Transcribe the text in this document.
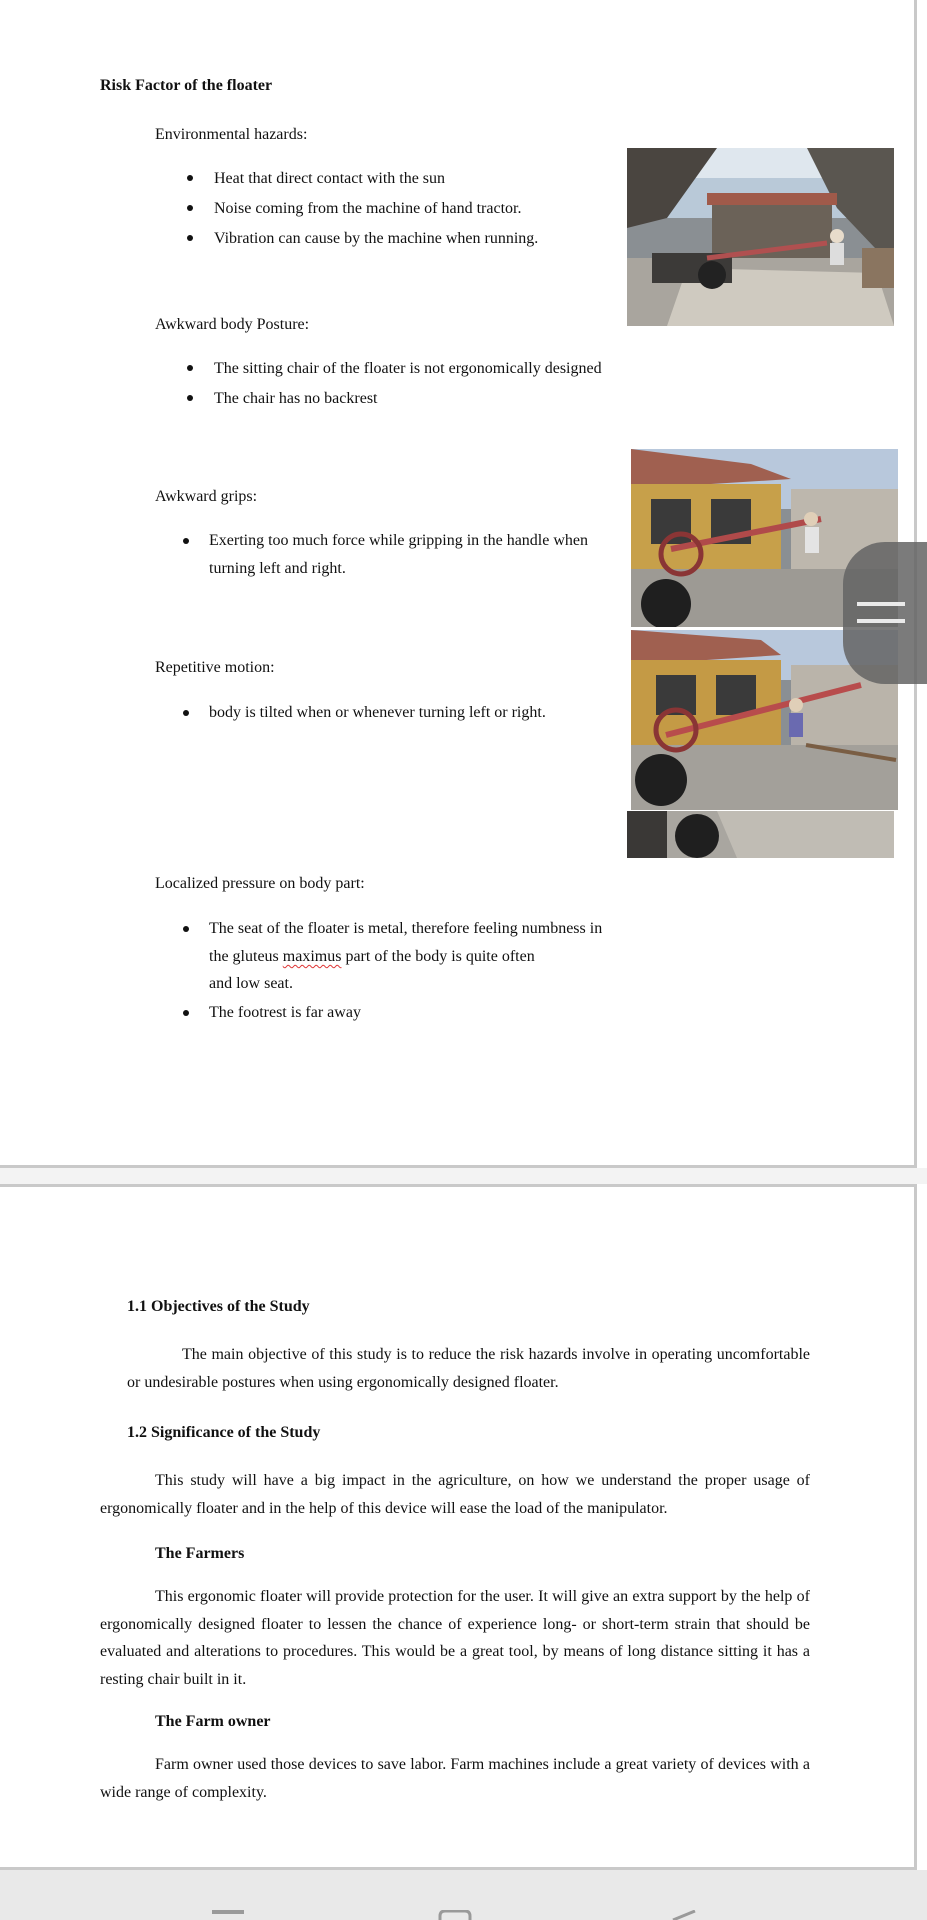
Risk Factor of the floater
Environmental hazards:
Heat that direct contact with the sun
Noise coming from the machine of hand tractor.
Vibration can cause by the machine when running.
Awkward body Posture:
The sitting chair of the floater is not ergonomically designed
The chair has no backrest
Awkward grips:
Exerting too much force while gripping in the handle when
turning left and right.
Repetitive motion:
body is tilted when or whenever turning left or right.
Localized pressure on body part:
The seat of the floater is metal, therefore feeling numbness in
the gluteus maximus part of the body is quite often
and low seat.
The footrest is far away
1.1 Objectives of the Study
The main objective of this study is to reduce the risk hazards involve in operating uncomfortable or undesirable postures when using ergonomically designed floater.
1.2 Significance of the Study
This study will have a big impact in the agriculture, on how we understand the proper usage of ergonomically floater and in the help of this device will ease the load of the manipulator.
The Farmers
This ergonomic floater will provide protection for the user. It will give an extra support by the help of ergonomically designed floater to lessen the chance of experience long- or short-term strain that should be evaluated and alterations to procedures. This would be a great tool, by means of long distance sitting it has a resting chair built in it.
The Farm owner
Farm owner used those devices to save labor. Farm machines include a great variety of devices with a wide range of complexity.
